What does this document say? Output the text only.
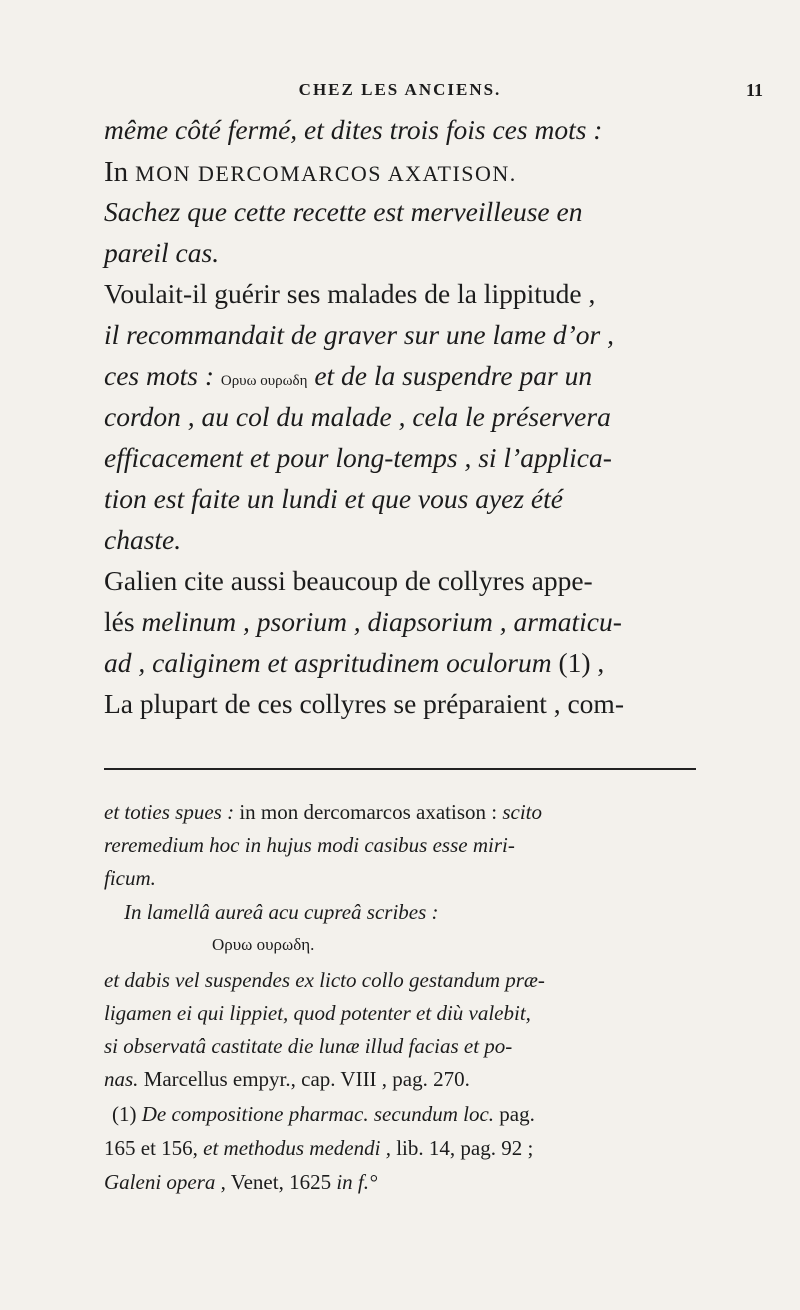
CHEZ LES ANCIENS.	11
même côté fermé, et dites trois fois ces mots :
In MON DERCOMARCOS AXATISON.
Sachez que cette recette est merveilleuse en
pareil cas.
Voulait-il guérir ses malades de la lippitude ,
il recommandait de graver sur une lame d’or ,
ces mots : Ορυω ουρωδη et de la suspendre par un
cordon , au col du malade , cela le préservera
efficacement et pour long-temps , si l’applica-
tion est faite un lundi et que vous ayez été
chaste.
Galien cite aussi beaucoup de collyres appe-
lés melinum , psorium , diapsorium , armaticu-
ad , caliginem et aspritudinem oculorum (1) ,
La plupart de ces collyres se préparaient , com-
et toties spues : in mon dercomarcos axatison : scito
reremedium hoc in hujus modi casibus esse miri-
ficum.
In lamellâ aureâ acu cupreâ scribes :
Ορυω ουρωδη.
et dabis vel suspendes ex licto collo gestandum præ-
ligamen ei qui lippiet, quod potenter et diù valebit,
si observatâ castitate die lunæ illud facias et po-
nas. Marcellus empyr., cap. VIII , pag. 270.
(1) De compositione pharmac. secundum loc. pag.
165 et 156, et methodus medendi , lib. 14, pag. 92 ;
Galeni opera , Venet, 1625 in f.°
